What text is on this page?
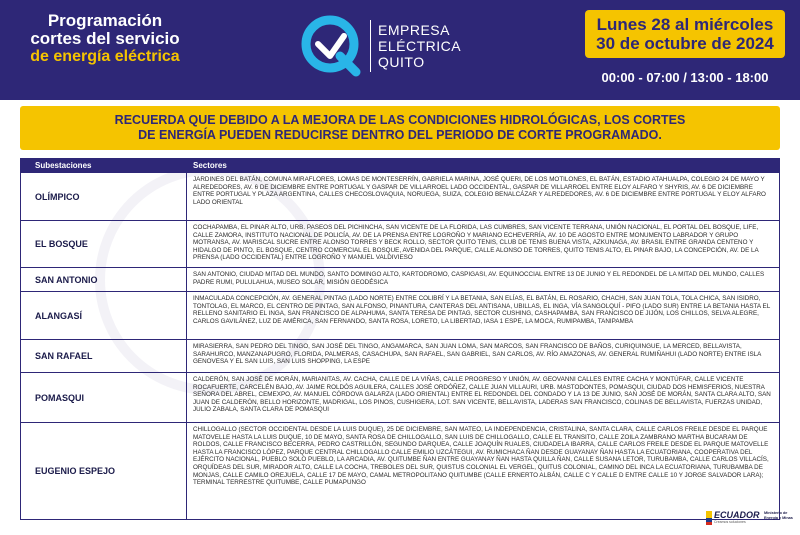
Programación
cortes del servicio
de energía eléctrica
EMPRESA
ELÉCTRICA
QUITO
Lunes 28 al miércoles
30 de octubre de 2024
00:00 - 07:00 / 13:00 - 18:00
RECUERDA QUE DEBIDO A LA MEJORA DE LAS CONDICIONES HIDROLÓGICAS, LOS CORTES
DE ENERGÍA PUEDEN REDUCIRSE DENTRO DEL PERIODO DE CORTE PROGRAMADO.
Subestaciones	Sectores
OLÍMPICO
JARDINES DEL BATÁN, COMUNA MIRAFLORES, LOMAS DE MONTESERRÍN, GABRIELA MARINA, JOSÉ QUERI, DE LOS MOTILONES, EL BATÁN, ESTADIO ATAHUALPA, COLEGIO 24 DE MAYO Y ALREDEDORES, AV. 6 DE DICIEMBRE ENTRE PORTUGAL Y GASPAR DE VILLARROEL LADO OCCIDENTAL, GASPAR DE VILLARROEL ENTRE ELOY ALFARO Y SHYRIS, AV. 6 DE DICIEMBRE ENTRE PORTUGAL Y PLAZA ARGENTINA, CALLES CHECOSLOVAQUIA, NORUEGA, SUIZA, COLEGIO BENALCÁZAR Y ALREDEDORES, AV. 6 DE DICIEMBRE ENTRE PORTUGAL Y ELOY ALFARO LADO ORIENTAL
EL BOSQUE
COCHAPAMBA, EL PINAR ALTO, URB. PASEOS DEL PICHINCHA, SAN VICENTE DE LA FLORIDA, LAS CUMBRES, SAN VICENTE TERRANA, UNIÓN NACIONAL, EL PORTAL DEL BOSQUE, LIFE, CALLE ZAMORA, INSTITUTO NACIONAL DE POLICÍA, AV. DE LA PRENSA ENTRE LOGROÑO Y MARIANO ECHEVERRÍA, AV. 10 DE AGOSTO ENTRE MONUMENTO LABRADOR Y GRUPO MOTRANSA, AV. MARISCAL SUCRE ENTRE ALONSO TORRES Y BECK ROLLO, SECTOR QUITO TENIS, CLUB DE TENIS BUENA VISTA, AZKUNAGA, AV. BRASIL ENTRE GRANDA CENTENO Y HIDALGO DE PINTO, EL BOSQUE, CENTRO COMERCIAL EL BOSQUE, AVENIDA DEL PARQUE, CALLE ALONSO DE TORRES, QUITO TENIS ALTO, EL PINAR BAJO, LA CONCEPCIÓN, AV. DE LA PRENSA (LADO OCCIDENTAL) ENTRE LOGROÑO Y MANUEL VALDIVIESO
SAN ANTONIO	SAN ANTONIO, CIUDAD MITAD DEL MUNDO, SANTO DOMINGO ALTO, KARTODROMO, CASPIGASI, AV. EQUINOCCIAL ENTRE 13 DE JUNIO Y EL REDONDEL DE LA MITAD DEL MUNDO, CALLES PADRE RUMI, PULULAHUA, MUSEO SOLAR, MISIÓN GEODÉSICA
ALANGASÍ
INMACULADA CONCEPCIÓN, AV. GENERAL PINTAG (LADO NORTE) ENTRE COLIBRÍ Y LA BETANIA, SAN ELÍAS, EL BATÁN, EL ROSARIO, CHACHI, SAN JUAN TOLA, TOLA CHICA, SAN ISIDRO, TONTOLAG, EL MARCO, EL CENTRO DE PINTAG, SAN ALFONSO, PINANTURA, CANTERAS DEL ANTISANA, UBILLAS, EL INGA, VÍA SANGOLQUÍ - PIFO (LADO SUR) ENTRE LA BETANIA HASTA EL RELLENO SANITARIO EL INGA, SAN FRANCISCO DE ALPAHUMA, SANTA TERESA DE PINTAG, SECTOR CUSHING, CASHAPAMBA, SAN FRANCISCO DE JIJÓN, LOS CHILLOS, SELVA ALEGRE, CARLOS GAVILÁNEZ, LUZ DE AMÉRICA, SAN FERNANDO, SANTA ROSA, LORETO, LA LIBERTAD, IASA 1 ESPE, LA MOCA, RUMIPAMBA, TANIPAMBA
SAN RAFAEL
MIRASIERRA, SAN PEDRO DEL TINGO, SAN JOSÉ DEL TINGO, ANGAMARCA, SAN JUAN LOMA, SAN MARCOS, SAN FRANCISCO DE BAÑOS, CURIQUINGUE, LA MERCED, BELLAVISTA, SARAHURCO, MANZANAPUGRO, FLORIDA, PALMERAS, CASACHUPA, SAN RAFAEL, SAN GABRIEL, SAN CARLOS, AV. RÍO AMAZONAS, AV. GENERAL RUMIÑAHUI (LADO NORTE) ENTRE ISLA GENOVESA Y EL SAN LUIS, SAN LUIS SHOPPING, LA ESPE
POMASQUI
CALDERÓN, SAN JOSÉ DE MORÁN, MARIANITAS, AV. CACHA, CALLE DE LA VIÑAS, CALLE PROGRESO Y UNIÓN, AV. GEOVANNI CALLES ENTRE CACHA Y MONTÚFAR, CALLE VICENTE ROCAFUERTE, CARCELÉN BAJO, AV. JAIME ROLDÓS AGUILERA, CALLES JOSÉ ORDÓÑEZ, CALLE JUAN VILLAURI, URB. MASTODONTES, POMASQUI, CIUDAD DOS HEMISFERIOS, NUESTRA SEÑORA DEL ABREL, CEMEXPO, AV. MANUEL CÓRDOVA GALARZA (LADO ORIENTAL) ENTRE EL REDONDEL DEL CONDADO Y LA 13 DE JUNIO, SAN JOSÉ DE MORÁN, SANTA CLARA ALTO, SAN JUAN DE CALDERÓN, BELLO HORIZONTE, MADRIGAL, LOS PINOS, CUSHIGERA, LOT. SAN VICENTE, BELLAVISTA, LADERAS SAN FRANCISCO, COLINAS DE BELLAVISTA, FUERZAS UNIDAD, JULIO ZABALA, SANTA CLARA DE POMASQUI
EUGENIO ESPEJO
CHILLOGALLO (SECTOR OCCIDENTAL DESDE LA LUIS DUQUE), 25 DE DICIEMBRE, SAN MATEO, LA INDEPENDENCIA, CRISTALINA, SANTA CLARA, CALLE CARLOS FREILE DESDE EL PARQUE MATOVELLE HASTA LA LUIS DUQUE, 10 DE MAYO, SANTA ROSA DE CHILLOGALLO, SAN LUIS DE CHILLOGALLO, CALLE EL TRANSITO, CALLE ZOILA ZAMBRANO MARTHA BUCARAM DE ROLDOS, CALLE FRANCISCO BECERRA, PEDRO CASTRILLÓN, SEGUNDO DARQUEA, CALLE JOAQUÍN RUALES, CIUDADELA IBARRA, CALLE CARLOS FREILE DESDE EL PARQUE MATOVELLE HASTA LA FRANCISCO LÓPEZ, PARQUE CENTRAL CHILLOGALLO CALLE EMILIO UZCÁTEGUI, AV. RUMICHACA ÑAN DESDE GUAYANAY ÑAN HASTA LA ECUATORIANA, COOPERATIVA DEL EJÉRCITO NACIONAL, PUEBLO SOLO PUEBLO, LA ARCADIA, AV. QUITUMBE ÑAN ENTRE GUAYANAY ÑAN HASTA QUILLA ÑAN, CALLE SUSANA LETOR, TURUBAMBA, CALLE CARLOS VILLACÍS, ORQUÍDEAS DEL SUR, MIRADOR ALTO, CALLE LA COCHA, TREBOLES DEL SUR, QUISTUS COLONIAL EL VERGEL, QUITUS COLONIAL, CAMINO DEL INCA LA ECUATORIANA, TURUBAMBA DE MONJAS, CALLE CAMILO OREJUELA, CALLE 17 DE MAYO, CAMAL METROPOLITANO QUITUMBE (CALLE ERNERTO ALBÁN, CALLE C Y CALLE D ENTRE CALLE 10 Y JORGE SALVADOR LARA); TERMINAL TERRESTRE QUITUMBE, CALLE PUMAPUNGO
ECUADOR
Creamos soluciones
Ministerio de Energía y Minas
